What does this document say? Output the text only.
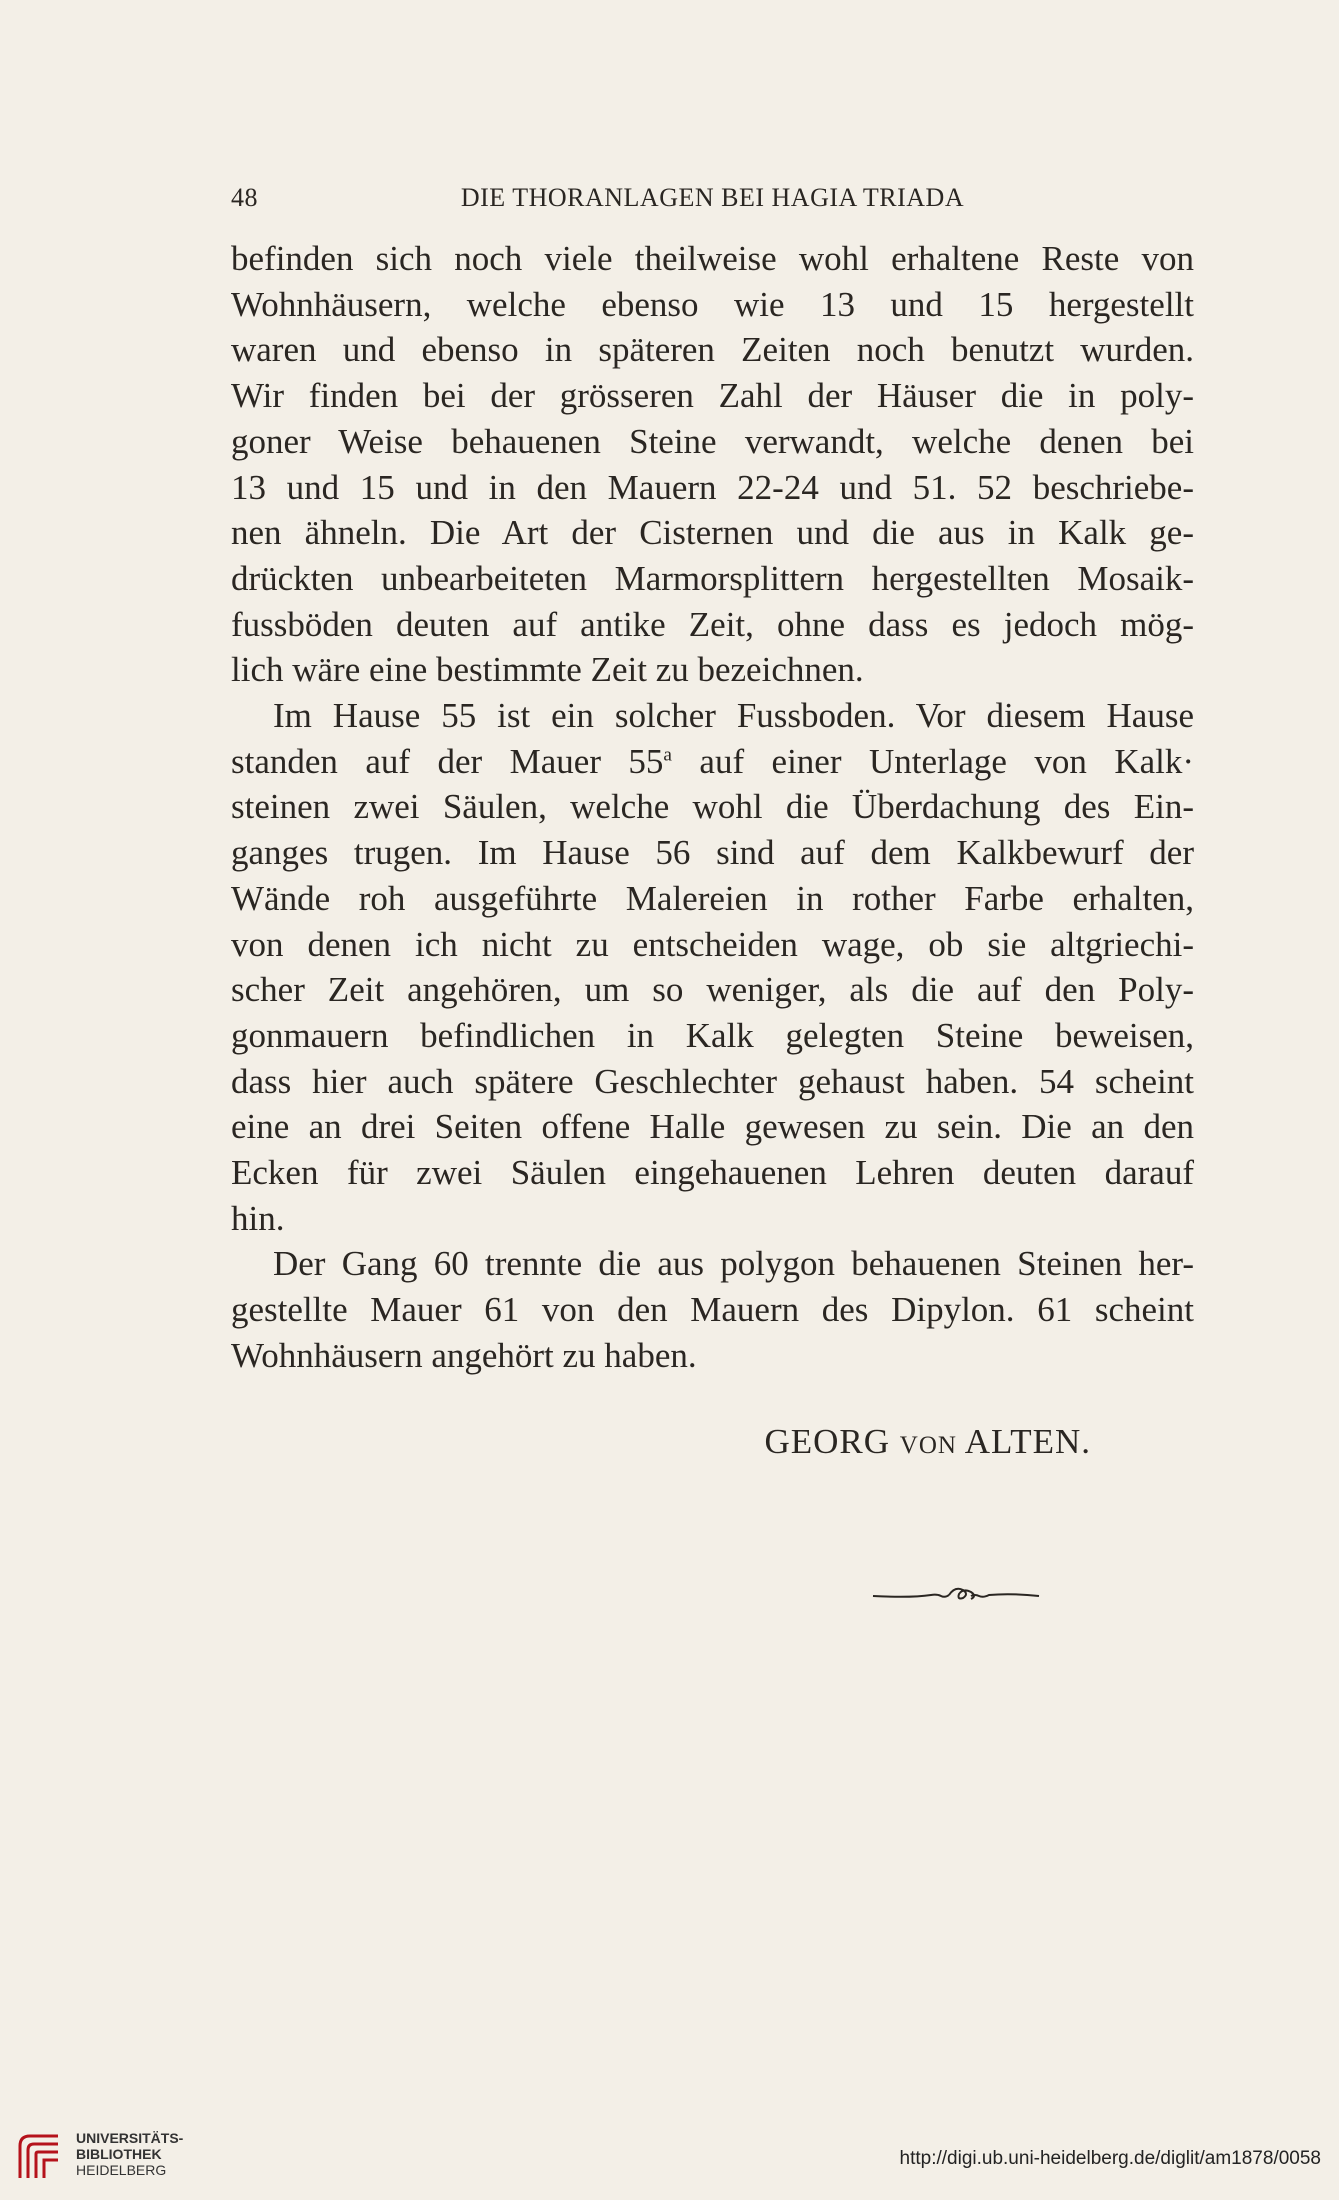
48	DIE THORANLAGEN BEI HAGIA TRIADA
befinden sich noch viele theilweise wohl erhaltene Reste von
Wohnhäusern, welche ebenso wie 13 und 15 hergestellt
waren und ebenso in späteren Zeiten noch benutzt wurden.
Wir finden bei der grösseren Zahl der Häuser die in poly-
goner Weise behauenen Steine verwandt, welche denen bei
13 und 15 und in den Mauern 22-24 und 51. 52 beschriebe-
nen ähneln. Die Art der Cisternen und die aus in Kalk ge-
drückten unbearbeiteten Marmorsplittern hergestellten Mosaik-
fussböden deuten auf antike Zeit, ohne dass es jedoch mög-
lich wäre eine bestimmte Zeit zu bezeichnen.
Im Hause 55 ist ein solcher Fussboden. Vor diesem Hause
standen auf der Mauer 55$^a$ auf einer Unterlage von Kalk·
steinen zwei Säulen, welche wohl die Überdachung des Ein-
ganges trugen. Im Hause 56 sind auf dem Kalkbewurf der
Wände roh ausgeführte Malereien in rother Farbe erhalten,
von denen ich nicht zu entscheiden wage, ob sie altgriechi-
scher Zeit angehören, um so weniger, als die auf den Poly-
gonmauern befindlichen in Kalk gelegten Steine beweisen,
dass hier auch spätere Geschlechter gehaust haben. 54 scheint
eine an drei Seiten offene Halle gewesen zu sein. Die an den
Ecken für zwei Säulen eingehauenen Lehren deuten darauf
hin.
Der Gang 60 trennte die aus polygon behauenen Steinen her-
gestellte Mauer 61 von den Mauern des Dipylon. 61 scheint
Wohnhäusern angehört zu haben.
GEORG VON ALTEN.
UNIVERSITÄTS-
BIBLIOTHEK
HEIDELBERG
http://digi.ub.uni-heidelberg.de/diglit/am1878/0058
